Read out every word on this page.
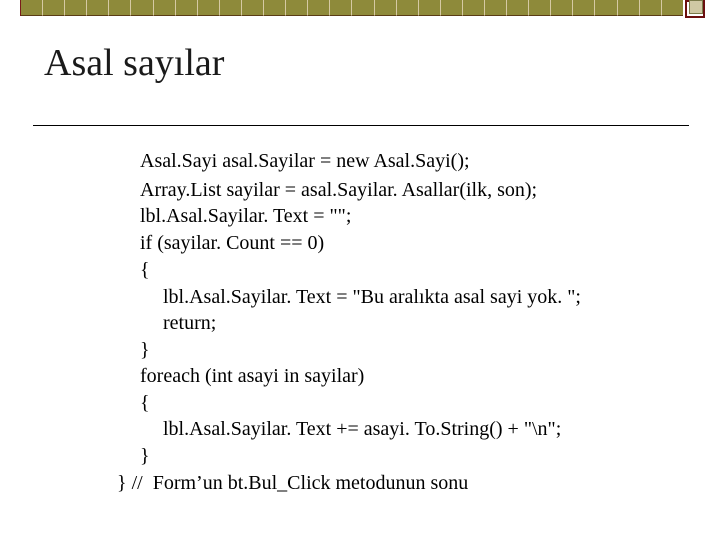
Asal sayılar
Asal.Sayi asal.Sayilar = new Asal.Sayi();
Array.List sayilar = asal.Sayilar. Asallar(ilk, son);
lbl.Asal.Sayilar. Text = "";
if (sayilar. Count == 0)
{
lbl.Asal.Sayilar. Text = "Bu aralıkta asal sayi yok. ";
return;
}
foreach (int asayi in sayilar)
{
lbl.Asal.Sayilar. Text += asayi. To.String() + "\n";
}
} //  Form’un bt.Bul_Click metodunun sonu
